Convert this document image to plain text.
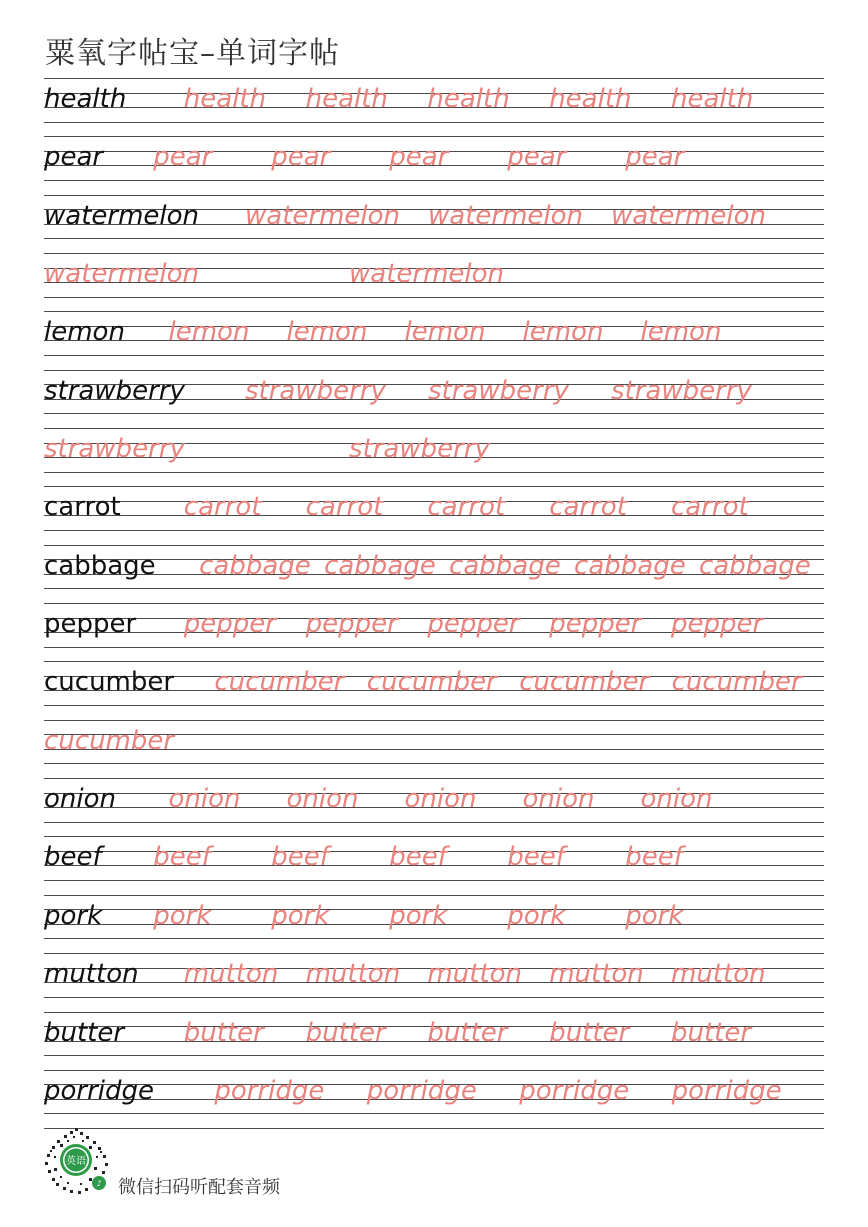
粟氧字帖宝–单词字帖
health health health health health health
pear pear pear pear pear pear
watermelon watermelon watermelon watermelon
watermelon	watermelon
lemon lemon lemon lemon lemon lemon
strawberry strawberry strawberry strawberry
strawberry	strawberry
carrot carrot carrot carrot carrot carrot
cabbage cabbage cabbage cabbage cabbage cabbage
pepper pepper pepper pepper pepper pepper
cucumber cucumber cucumber cucumber cucumber
cucumber
onion onion onion onion onion onion
beef beef beef beef beef beef
pork pork pork pork pork pork
mutton mutton mutton mutton mutton mutton
butter butter butter butter butter butter
porridge porridge porridge porridge porridge
英语
♪ 微信扫码听配套音频
